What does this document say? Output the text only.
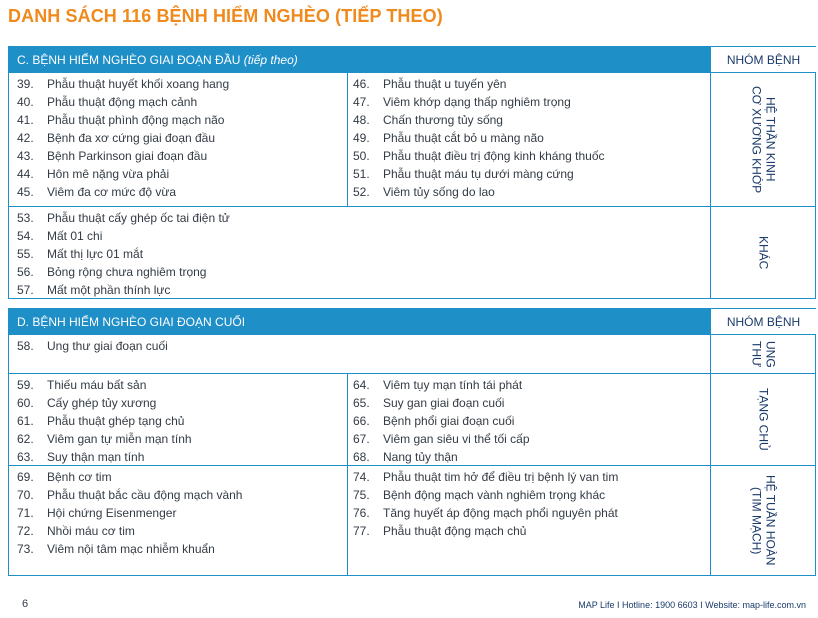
DANH SÁCH 116 BỆNH HIỂM NGHÈO (TIẾP THEO)
C. BỆNH HIỂM NGHÈO GIAI ĐOẠN ĐẦU (tiếp theo)	NHÓM BỆNH
39. Phẫu thuật huyết khối xoang hang
40. Phẫu thuật động mạch cảnh
41. Phẫu thuật phình động mạch não
42. Bệnh đa xơ cứng giai đoạn đầu
43. Bệnh Parkinson giai đoạn đầu
44. Hôn mê nặng vừa phải
45. Viêm đa cơ mức độ vừa
46. Phẫu thuật u tuyến yên
47. Viêm khớp dạng thấp nghiêm trọng
48. Chấn thương tủy sống
49. Phẫu thuật cắt bỏ u màng não
50. Phẫu thuật điều trị động kinh kháng thuốc
51. Phẫu thuật máu tụ dưới màng cứng
52. Viêm tủy sống do lao
HỆ THẦN KINH
CƠ XƯƠNG KHỚP
53. Phẫu thuật cấy ghép ốc tai điện tử
54. Mất 01 chi
55. Mất thị lực 01 mắt
56. Bỏng rộng chưa nghiêm trọng
57. Mất một phần thính lực
KHÁC
D. BỆNH HIỂM NGHÈO GIAI ĐOẠN CUỐI	NHÓM BỆNH
58. Ung thư giai đoạn cuối	UNG
THƯ
59. Thiếu máu bất sản
60. Cấy ghép tủy xương
61. Phẫu thuật ghép tạng chủ
62. Viêm gan tự miễn mạn tính
63. Suy thận mạn tính
64. Viêm tụy mạn tính tái phát
65. Suy gan giai đoạn cuối
66. Bệnh phổi giai đoạn cuối
67. Viêm gan siêu vi thể tối cấp
68. Nang tủy thận
TẠNG CHỦ
69. Bệnh cơ tim
70. Phẫu thuật bắc cầu động mạch vành
71. Hội chứng Eisenmenger
72. Nhồi máu cơ tim
73. Viêm nội tâm mạc nhiễm khuẩn
74. Phẫu thuật tim hở để điều trị bệnh lý van tim
75. Bệnh động mạch vành nghiêm trọng khác
76. Tăng huyết áp động mạch phổi nguyên phát
77. Phẫu thuật động mạch chủ
HỆ TUẦN HOÀN
(TIM MẠCH)
6	MAP Life I Hotline: 1900 6603 I Website: map-life.com.vn
